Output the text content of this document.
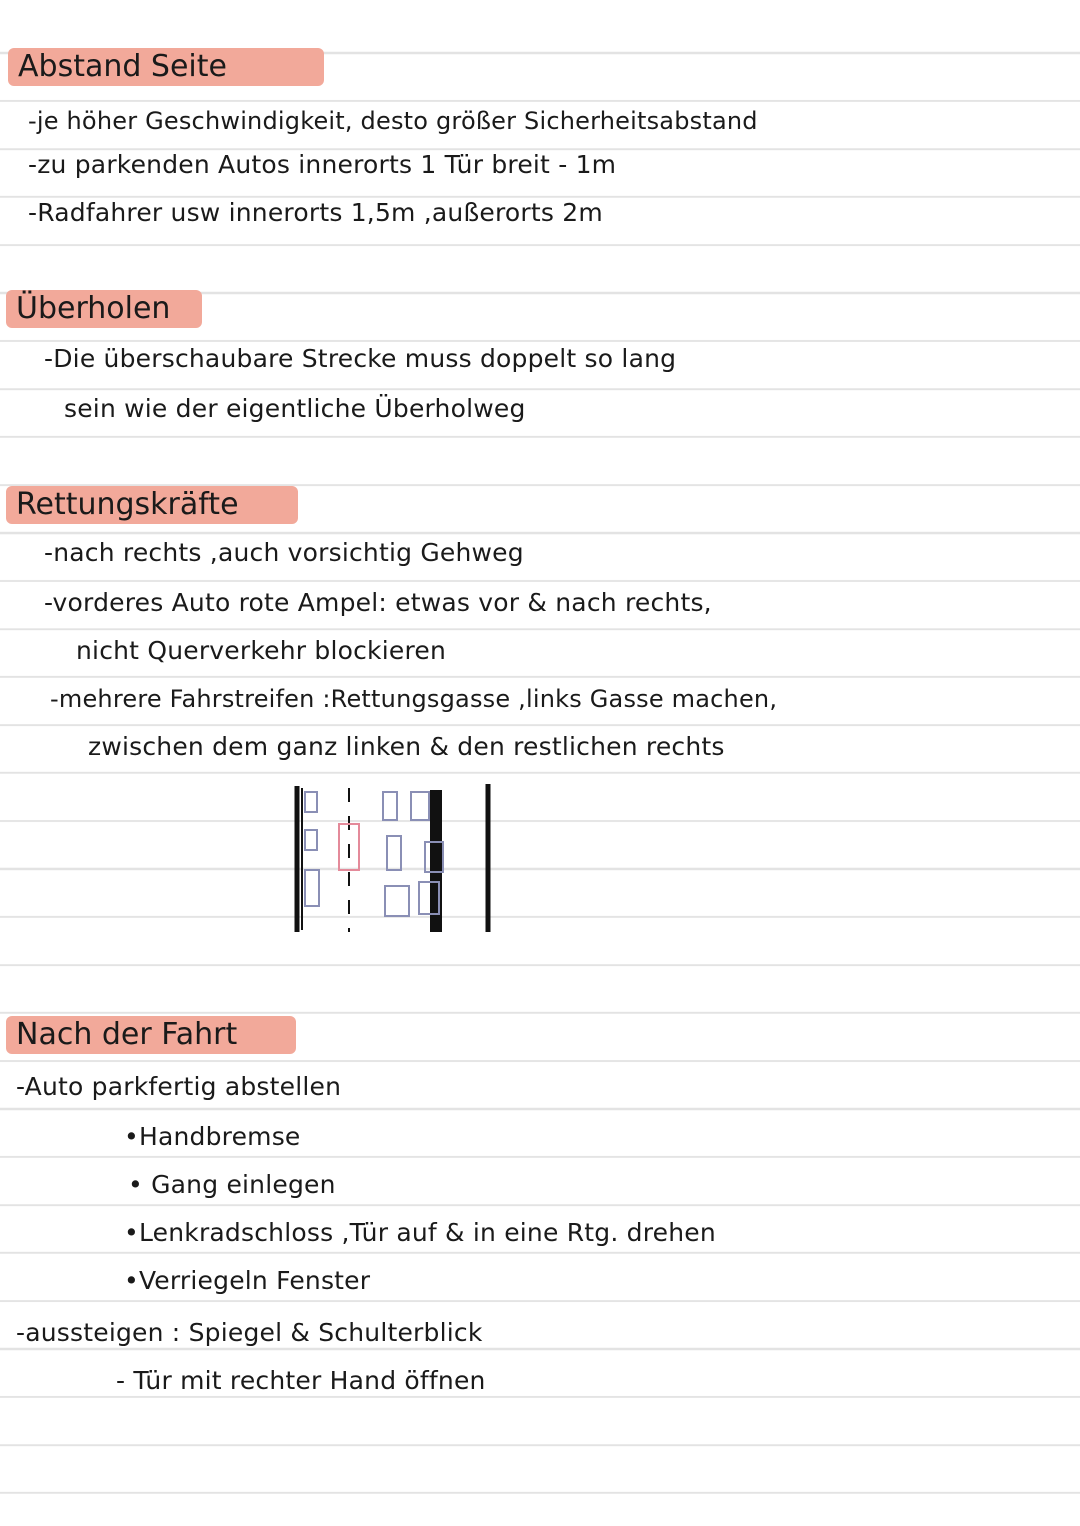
Abstand Seite
-je höher Geschwindigkeit, desto größer Sicherheitsabstand
-zu parkenden Autos innerorts 1 Tür breit - 1m
-Radfahrer usw innerorts 1,5m ,außerorts 2m
Überholen
-Die überschaubare Strecke muss doppelt so lang
sein wie der eigentliche Überholweg
Rettungskräfte
-nach rechts ,auch vorsichtig Gehweg
-vorderes Auto rote Ampel: etwas vor & nach rechts,
nicht Querverkehr blockieren
-mehrere Fahrstreifen :Rettungsgasse ,links Gasse machen,
zwischen dem ganz linken & den restlichen rechts
Nach der Fahrt
-Auto parkfertig abstellen
•Handbremse
• Gang einlegen
•Lenkradschloss ,Tür auf & in eine Rtg. drehen
•Verriegeln Fenster
-aussteigen : Spiegel & Schulterblick
- Tür mit rechter Hand öffnen
